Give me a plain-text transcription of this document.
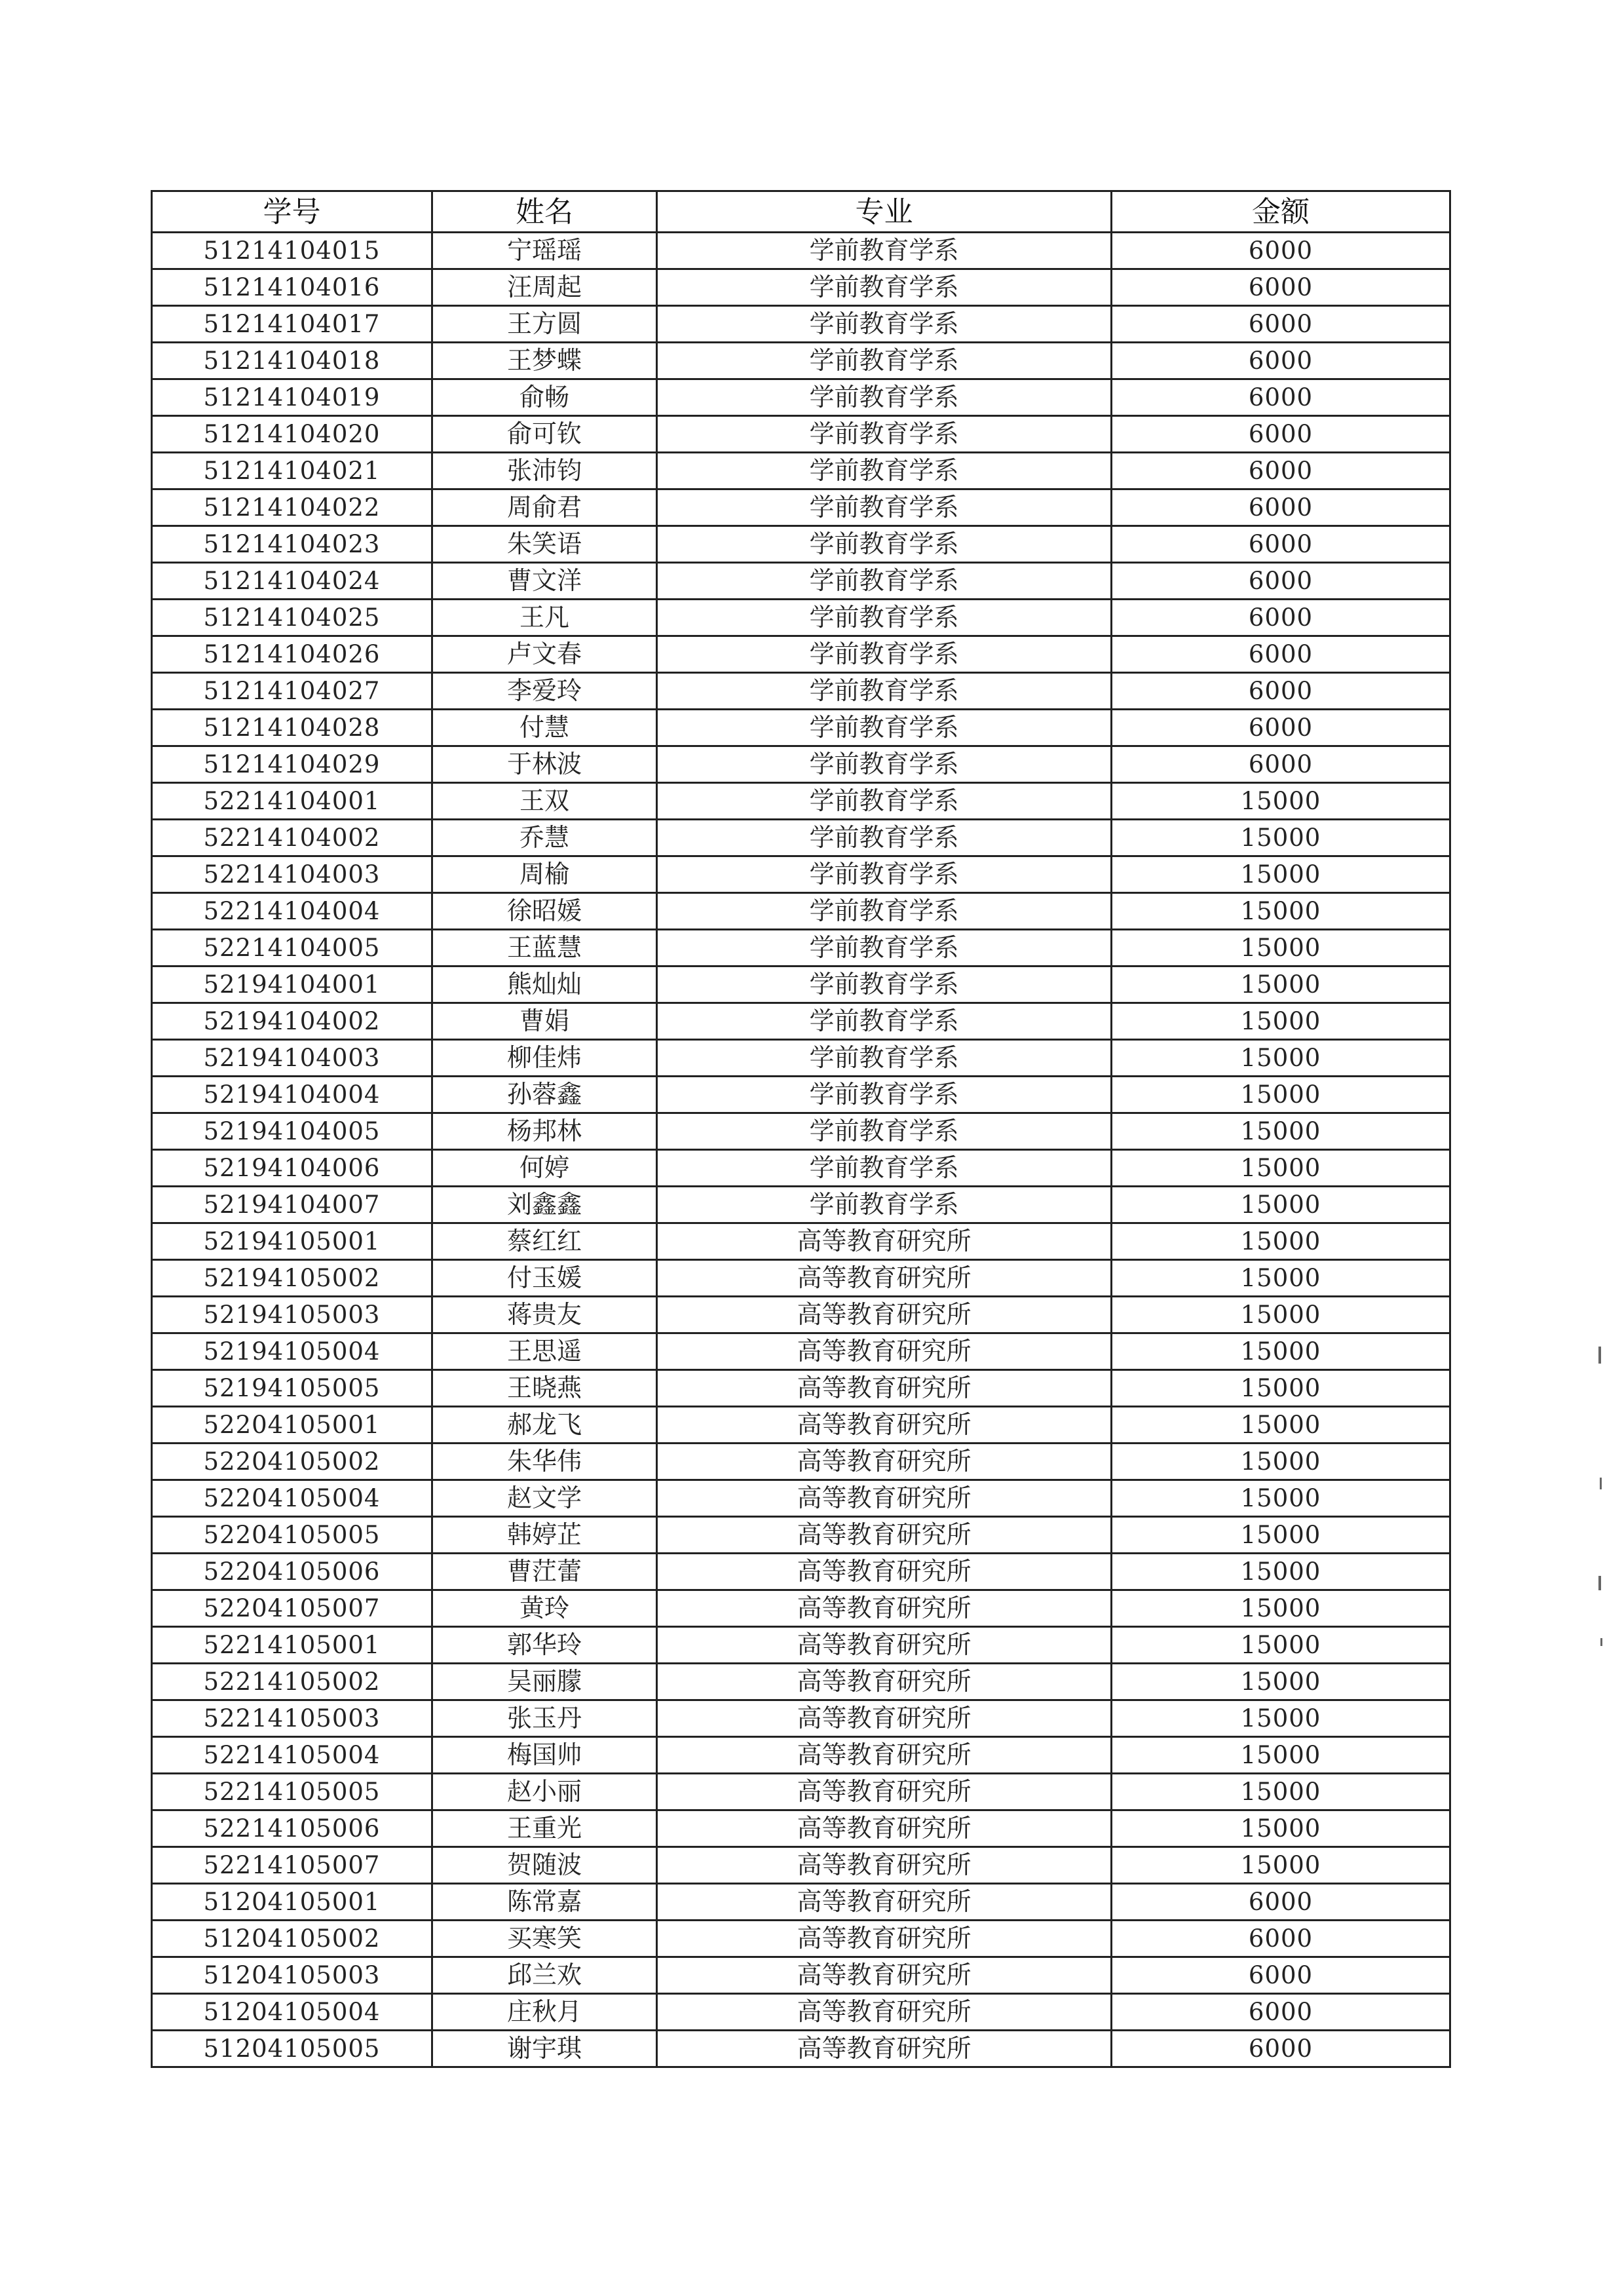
学号	姓名	专业	金额
51214104015	宁瑶瑶	学前教育学系	6000
51214104016	汪周起	学前教育学系	6000
51214104017	王方圆	学前教育学系	6000
51214104018	王梦蝶	学前教育学系	6000
51214104019	俞畅	学前教育学系	6000
51214104020	俞可钦	学前教育学系	6000
51214104021	张沛钧	学前教育学系	6000
51214104022	周俞君	学前教育学系	6000
51214104023	朱笑语	学前教育学系	6000
51214104024	曹文洋	学前教育学系	6000
51214104025	王凡	学前教育学系	6000
51214104026	卢文春	学前教育学系	6000
51214104027	李爱玲	学前教育学系	6000
51214104028	付慧	学前教育学系	6000
51214104029	于林波	学前教育学系	6000
52214104001	王双	学前教育学系	15000
52214104002	乔慧	学前教育学系	15000
52214104003	周榆	学前教育学系	15000
52214104004	徐昭媛	学前教育学系	15000
52214104005	王蓝慧	学前教育学系	15000
52194104001	熊灿灿	学前教育学系	15000
52194104002	曹娟	学前教育学系	15000
52194104003	柳佳炜	学前教育学系	15000
52194104004	孙蓉鑫	学前教育学系	15000
52194104005	杨邦林	学前教育学系	15000
52194104006	何婷	学前教育学系	15000
52194104007	刘鑫鑫	学前教育学系	15000
52194105001	蔡红红	高等教育研究所	15000
52194105002	付玉媛	高等教育研究所	15000
52194105003	蒋贵友	高等教育研究所	15000
52194105004	王思遥	高等教育研究所	15000
52194105005	王晓燕	高等教育研究所	15000
52204105001	郝龙飞	高等教育研究所	15000
52204105002	朱华伟	高等教育研究所	15000
52204105004	赵文学	高等教育研究所	15000
52204105005	韩婷芷	高等教育研究所	15000
52204105006	曹茳蕾	高等教育研究所	15000
52204105007	黄玲	高等教育研究所	15000
52214105001	郭华玲	高等教育研究所	15000
52214105002	吴丽朦	高等教育研究所	15000
52214105003	张玉丹	高等教育研究所	15000
52214105004	梅国帅	高等教育研究所	15000
52214105005	赵小丽	高等教育研究所	15000
52214105006	王重光	高等教育研究所	15000
52214105007	贺随波	高等教育研究所	15000
51204105001	陈常嘉	高等教育研究所	6000
51204105002	买寒笑	高等教育研究所	6000
51204105003	邱兰欢	高等教育研究所	6000
51204105004	庄秋月	高等教育研究所	6000
51204105005	谢宇琪	高等教育研究所	6000
